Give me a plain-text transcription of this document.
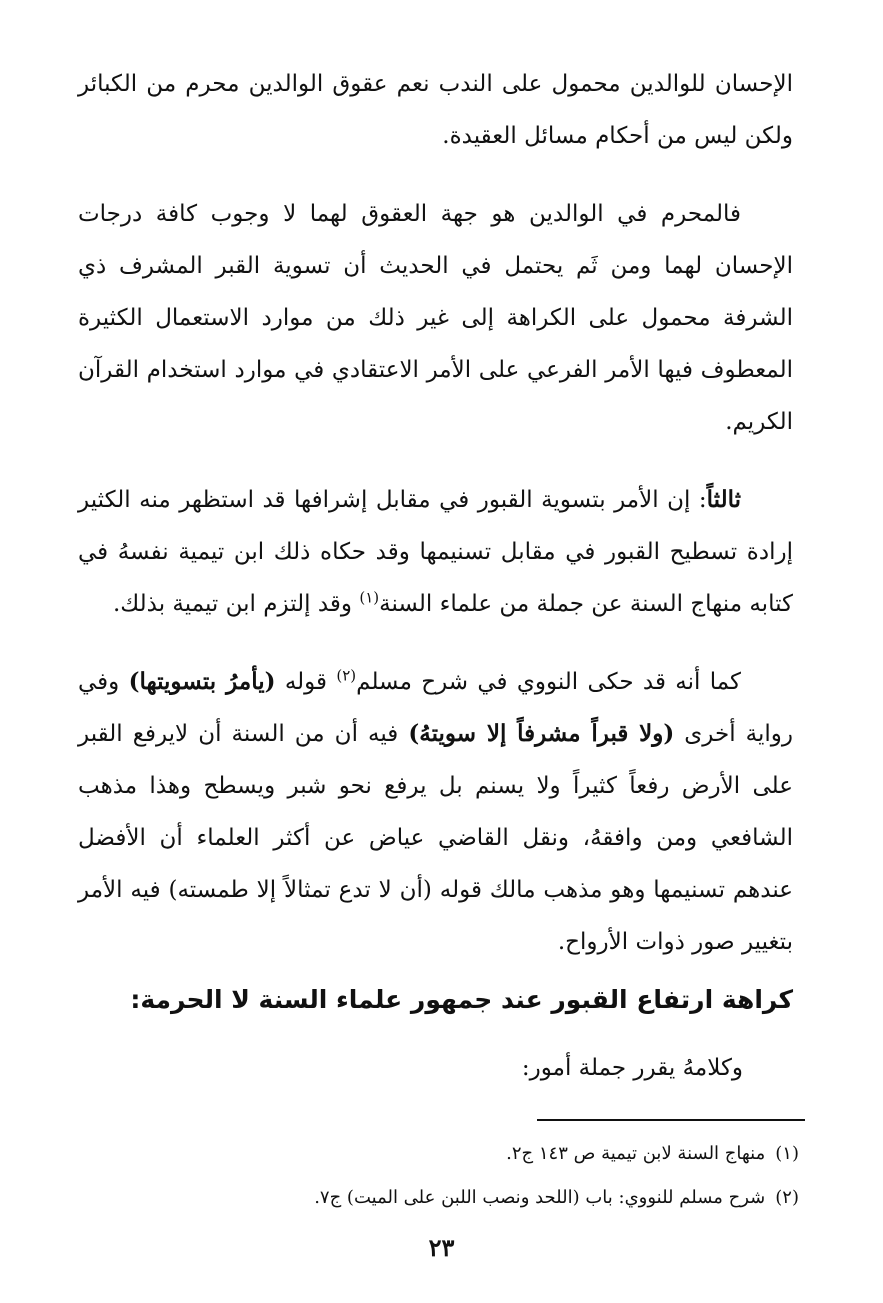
الإحسان للوالدين محمول على الندب نعم عقوق الوالدين محرم من الكبائر ولكن ليس من أحكام مسائل العقيدة.

فالمحرم في الوالدين هو جهة العقوق لهما لا وجوب كافة درجات الإحسان لهما ومن ثَم يحتمل في الحديث أن تسوية القبر المشرف ذي الشرفة محمول على الكراهة إلى غير ذلك من موارد الاستعمال الكثيرة المعطوف فيها الأمر الفرعي على الأمر الاعتقادي في موارد استخدام القرآن الكريم.

ثالثاً: إن الأمر بتسوية القبور في مقابل إشرافها قد استظهر منه الكثير إرادة تسطيح القبور في مقابل تسنيمها وقد حكاه ذلك ابن تيمية نفسهُ في كتابه منهاج السنة عن جملة من علماء السنة$^{(١)}$ وقد إلتزم ابن تيمية بذلك.

كما أنه قد حكى النووي في شرح مسلم$^{(٢)}$ قوله (يأمرُ بتسويتها) وفي رواية أخرى (ولا قبراً مشرفاً إلا سويتهُ) فيه أن من السنة أن لايرفع القبر على الأرض رفعاً كثيراً ولا يسنم بل يرفع نحو شبر ويسطح وهذا مذهب الشافعي ومن وافقهُ، ونقل القاضي عياض عن أكثر العلماء أن الأفضل عندهم تسنيمها وهو مذهب مالك قوله (أن لا تدع تمثالاً إلا طمسته) فيه الأمر بتغيير صور ذوات الأرواح.

كراهة ارتفاع القبور عند جمهور علماء السنة لا الحرمة:
وكلامهُ يقرر جملة أمور:
(١)منهاج السنة لابن تيمية ص ١٤٣ ج٢.
(٢)شرح مسلم للنووي: باب (اللحد ونصب اللبن على الميت) ج٧.
٢٣
